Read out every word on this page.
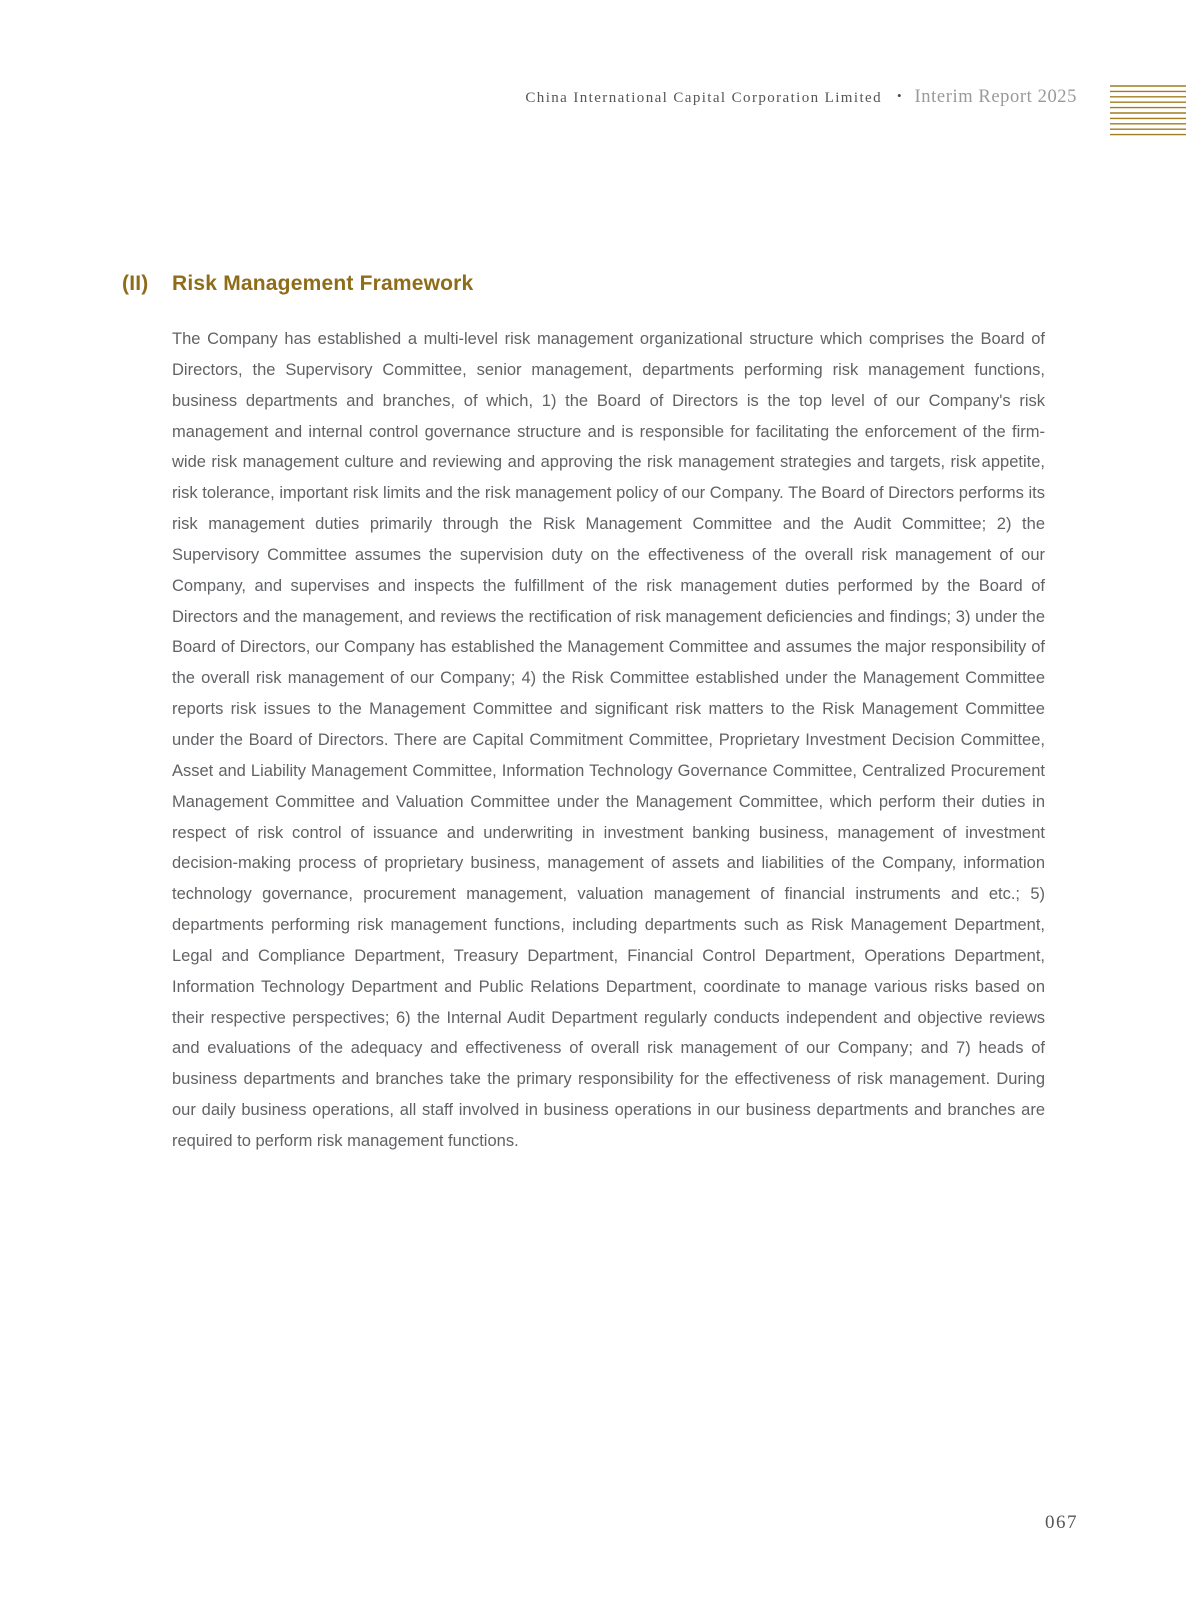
China International Capital Corporation Limited • Interim Report 2025
(II)	Risk Management Framework

The Company has established a multi-level risk management organizational structure which comprises the Board of Directors, the Supervisory Committee, senior management, departments performing risk management functions, business departments and branches, of which, 1) the Board of Directors is the top level of our Company's risk management and internal control governance structure and is responsible for facilitating the enforcement of the firm-wide risk management culture and reviewing and approving the risk management strategies and targets, risk appetite, risk tolerance, important risk limits and the risk management policy of our Company. The Board of Directors performs its risk management duties primarily through the Risk Management Committee and the Audit Committee; 2) the Supervisory Committee assumes the supervision duty on the effectiveness of the overall risk management of our Company, and supervises and inspects the fulfillment of the risk management duties performed by the Board of Directors and the management, and reviews the rectification of risk management deficiencies and findings; 3) under the Board of Directors, our Company has established the Management Committee and assumes the major responsibility of the overall risk management of our Company; 4) the Risk Committee established under the Management Committee reports risk issues to the Management Committee and significant risk matters to the Risk Management Committee under the Board of Directors. There are Capital Commitment Committee, Proprietary Investment Decision Committee, Asset and Liability Management Committee, Information Technology Governance Committee, Centralized Procurement Management Committee and Valuation Committee under the Management Committee, which perform their duties in respect of risk control of issuance and underwriting in investment banking business, management of investment decision-making process of proprietary business, management of assets and liabilities of the Company, information technology governance, procurement management, valuation management of financial instruments and etc.; 5) departments performing risk management functions, including departments such as Risk Management Department, Legal and Compliance Department, Treasury Department, Financial Control Department, Operations Department, Information Technology Department and Public Relations Department, coordinate to manage various risks based on their respective perspectives; 6) the Internal Audit Department regularly conducts independent and objective reviews and evaluations of the adequacy and effectiveness of overall risk management of our Company; and 7) heads of business departments and branches take the primary responsibility for the effectiveness of risk management. During our daily business operations, all staff involved in business operations in our business departments and branches are required to perform risk management functions.

067
